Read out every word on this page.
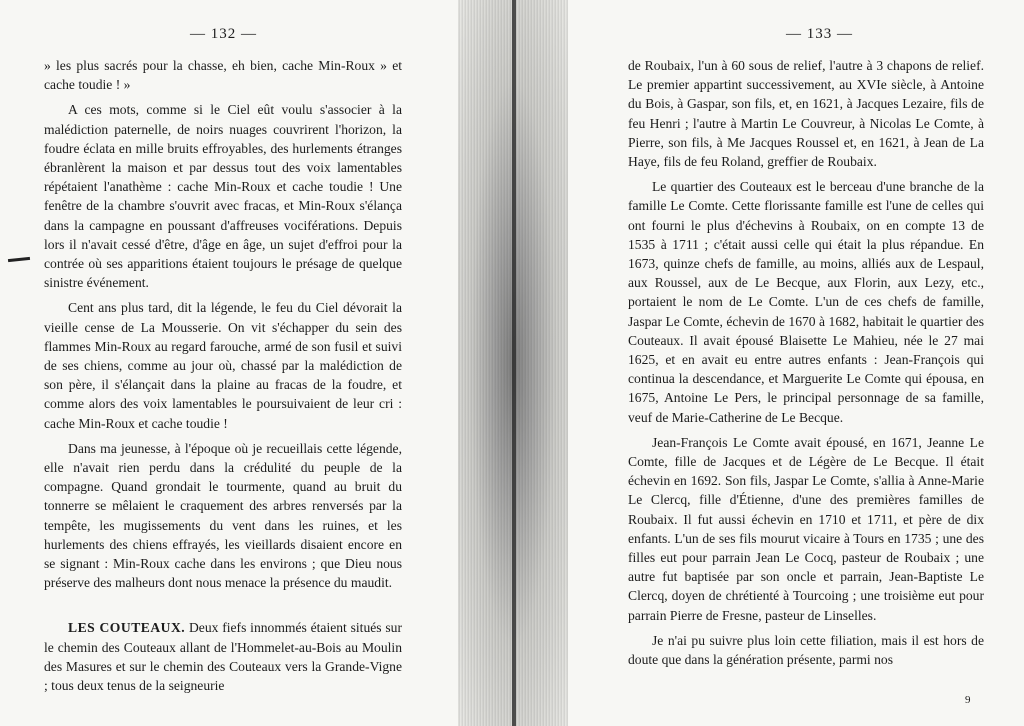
— 132 —	— 133 —

» les plus sacrés pour la chasse, eh bien, cache Min-Roux » et cache toudie ! »

A ces mots, comme si le Ciel eût voulu s'associer à la malédiction paternelle, de noirs nuages couvrirent l'horizon, la foudre éclata en mille bruits effroyables, des hurlements étranges ébranlèrent la maison et par dessus tout des voix lamentables répétaient l'anathème : cache Min-Roux et cache toudie ! Une fenêtre de la chambre s'ouvrit avec fracas, et Min-Roux s'élança dans la campagne en poussant d'affreuses vociférations. Depuis lors il n'avait cessé d'être, d'âge en âge, un sujet d'effroi pour la contrée où ses apparitions étaient toujours le présage de quelque sinistre événement.

Cent ans plus tard, dit la légende, le feu du Ciel dévorait la vieille cense de La Mousserie. On vit s'échapper du sein des flammes Min-Roux au regard farouche, armé de son fusil et suivi de ses chiens, comme au jour où, chassé par la malédiction de son père, il s'élançait dans la plaine au fracas de la foudre, et comme alors des voix lamentables le poursuivaient de leur cri : cache Min-Roux et cache toudie !

Dans ma jeunesse, à l'époque où je recueillais cette légende, elle n'avait rien perdu dans la crédulité du peuple de la compagne. Quand grondait le tourmente, quand au bruit du tonnerre se mêlaient le craquement des arbres renversés par la tempête, les mugissements du vent dans les ruines, et les hurlements des chiens effrayés, les vieillards disaient encore en se signant : Min-Roux cache dans les environs ; que Dieu nous préserve des malheurs dont nous menace la présence du maudit.

LES COUTEAUX. Deux fiefs innommés étaient situés sur le chemin des Couteaux allant de l'Hommelet-au-Bois au Moulin des Masures et sur le chemin des Couteaux vers la Grande-Vigne ; tous deux tenus de la seigneurie

de Roubaix, l'un à 60 sous de relief, l'autre à 3 chapons de relief. Le premier appartint successivement, au XVIe siècle, à Antoine du Bois, à Gaspar, son fils, et, en 1621, à Jacques Lezaire, fils de feu Henri ; l'autre à Martin Le Couvreur, à Nicolas Le Comte, à Pierre, son fils, à Me Jacques Roussel et, en 1621, à Jean de La Haye, fils de feu Roland, greffier de Roubaix.

Le quartier des Couteaux est le berceau d'une branche de la famille Le Comte. Cette florissante famille est l'une de celles qui ont fourni le plus d'échevins à Roubaix, on en compte 13 de 1535 à 1711 ; c'était aussi celle qui était la plus répandue. En 1673, quinze chefs de famille, au moins, alliés aux de Lespaul, aux Roussel, aux de Le Becque, aux Florin, aux Lezy, etc., portaient le nom de Le Comte. L'un de ces chefs de famille, Jaspar Le Comte, échevin de 1670 à 1682, habitait le quartier des Couteaux. Il avait épousé Blaisette Le Mahieu, née le 27 mai 1625, et en avait eu entre autres enfants : Jean-François qui continua la descendance, et Marguerite Le Comte qui épousa, en 1675, Antoine Le Pers, le principal personnage de sa famille, veuf de Marie-Catherine de Le Becque.

Jean-François Le Comte avait épousé, en 1671, Jeanne Le Comte, fille de Jacques et de Légère de Le Becque. Il était échevin en 1692. Son fils, Jaspar Le Comte, s'allia à Anne-Marie Le Clercq, fille d'Étienne, d'une des premières familles de Roubaix. Il fut aussi échevin en 1710 et 1711, et père de dix enfants. L'un de ses fils mourut vicaire à Tours en 1735 ; une des filles eut pour parrain Jean Le Cocq, pasteur de Roubaix ; une autre fut baptisée par son oncle et parrain, Jean-Baptiste Le Clercq, doyen de chrétienté à Tourcoing ; une troisième eut pour parrain Pierre de Fresne, pasteur de Linselles.

Je n'ai pu suivre plus loin cette filiation, mais il est hors de doute que dans la génération présente, parmi nos

9
